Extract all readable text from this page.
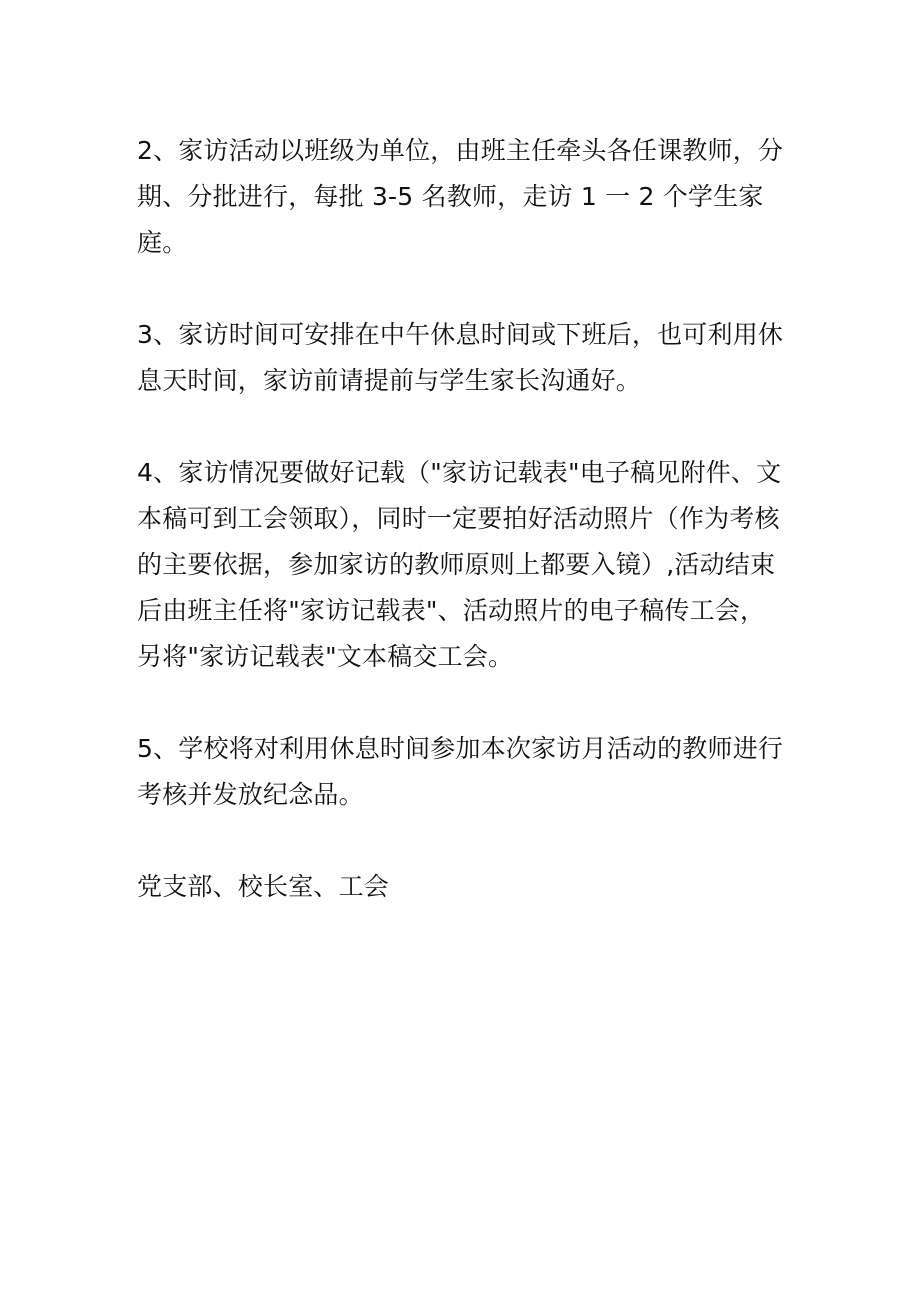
2、家访活动以班级为单位，由班主任牵头各任课教师，分期、分批进行，每批 3-5 名教师，走访 1 一 2 个学生家庭。

3、家访时间可安排在中午休息时间或下班后，也可利用休息天时间，家访前请提前与学生家长沟通好。

4、家访情况要做好记载（"家访记载表"电子稿见附件、文本稿可到工会领取），同时一定要拍好活动照片（作为考核的主要依据，参加家访的教师原则上都要入镜）,活动结束后由班主任将"家访记载表"、活动照片的电子稿传工会，另将"家访记载表"文本稿交工会。

5、学校将对利用休息时间参加本次家访月活动的教师进行考核并发放纪念品。

党支部、校长室、工会
